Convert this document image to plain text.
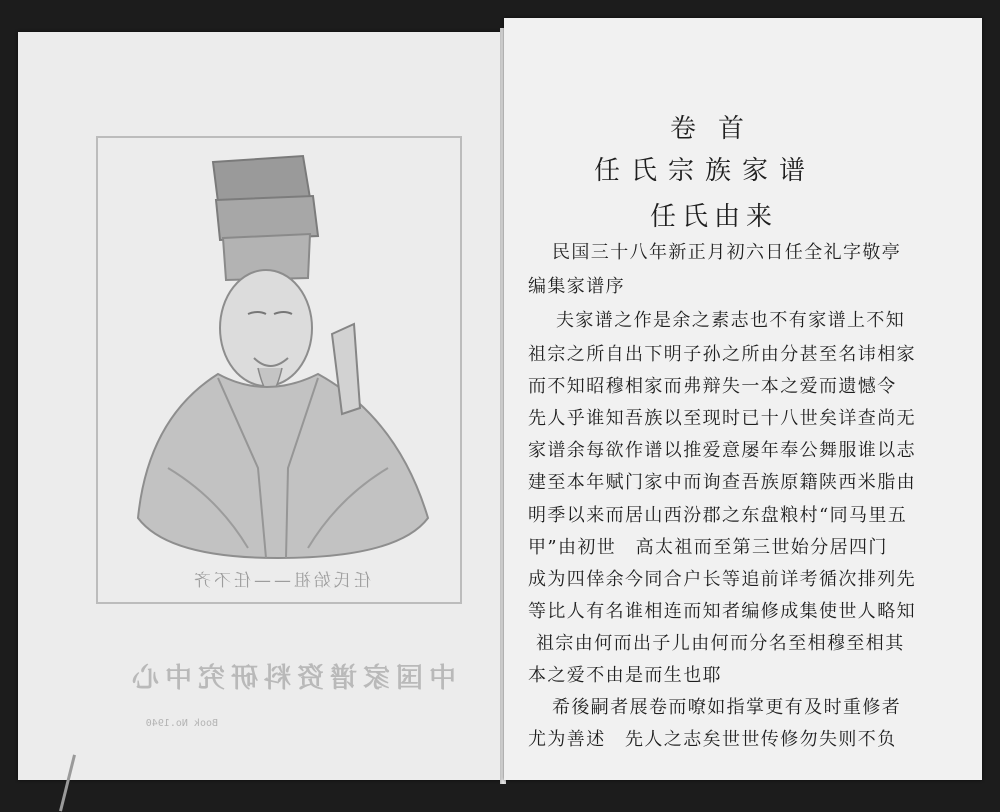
任氏始祖——任不齐
中国家谱资料研究中心
Book No.1940
卷首
任氏宗族家谱
任氏由来
民国三十八年新正月初六日任全礼字敬亭
编集家谱序
夫家谱之作是余之素志也不有家谱上不知
祖宗之所自出下明子孙之所由分甚至名讳相家
而不知昭穆相家而弗辩失一本之爱而遗憾令
先人乎谁知吾族以至现时已十八世矣详查尚无
家谱余每欲作谱以推爱意屡年奉公舞服谁以志
建至本年赋门家中而询查吾族原籍陕西米脂由
明季以来而居山西汾郡之东盘粮村“同马里五
甲”由初世　高太祖而至第三世始分居四门
成为四倖余今同合户长等追前详考循次排列先
等比人有名谁相连而知者编修成集使世人略知
祖宗由何而出子儿由何而分名至相穆至相其
本之爱不由是而生也耶
希後嗣者展卷而嘹如指掌更有及时重修者
尤为善述　先人之志矣世世传修勿失则不负
